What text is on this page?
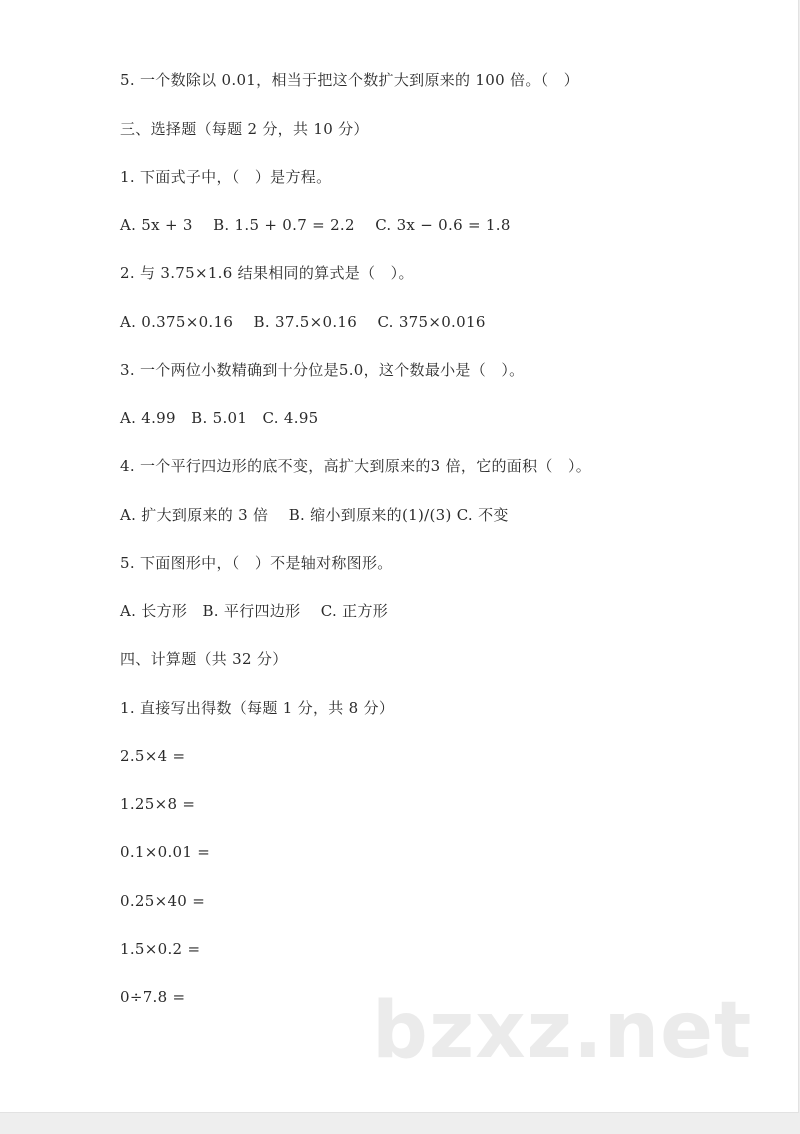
5. 一个数除以 0.01，相当于把这个数扩大到原来的 100 倍。（　）
三、选择题（每题 2 分，共 10 分）
1. 下面式子中，（　）是方程。
A. 5x + 3　 B. 1.5 + 0.7 = 2.2　 C. 3x − 0.6 = 1.8
2. 与 3.75×1.6 结果相同的算式是（　）。
A. 0.375×0.16　 B. 37.5×0.16　 C. 375×0.016
3. 一个两位小数精确到十分位是5.0，这个数最小是（　）。
A. 4.99　B. 5.01　C. 4.95
4. 一个平行四边形的底不变，高扩大到原来的3 倍，它的面积（　）。
A. 扩大到原来的 3 倍　 B. 缩小到原来的(1)/(3) C. 不变
5. 下面图形中，（　）不是轴对称图形。
A. 长方形　B. 平行四边形　 C. 正方形
四、计算题（共 32 分）
1. 直接写出得数（每题 1 分，共 8 分）
2.5×4 =
1.25×8 =
0.1×0.01 =
0.25×40 =
1.5×0.2 =
0÷7.8 = bzxz.net
